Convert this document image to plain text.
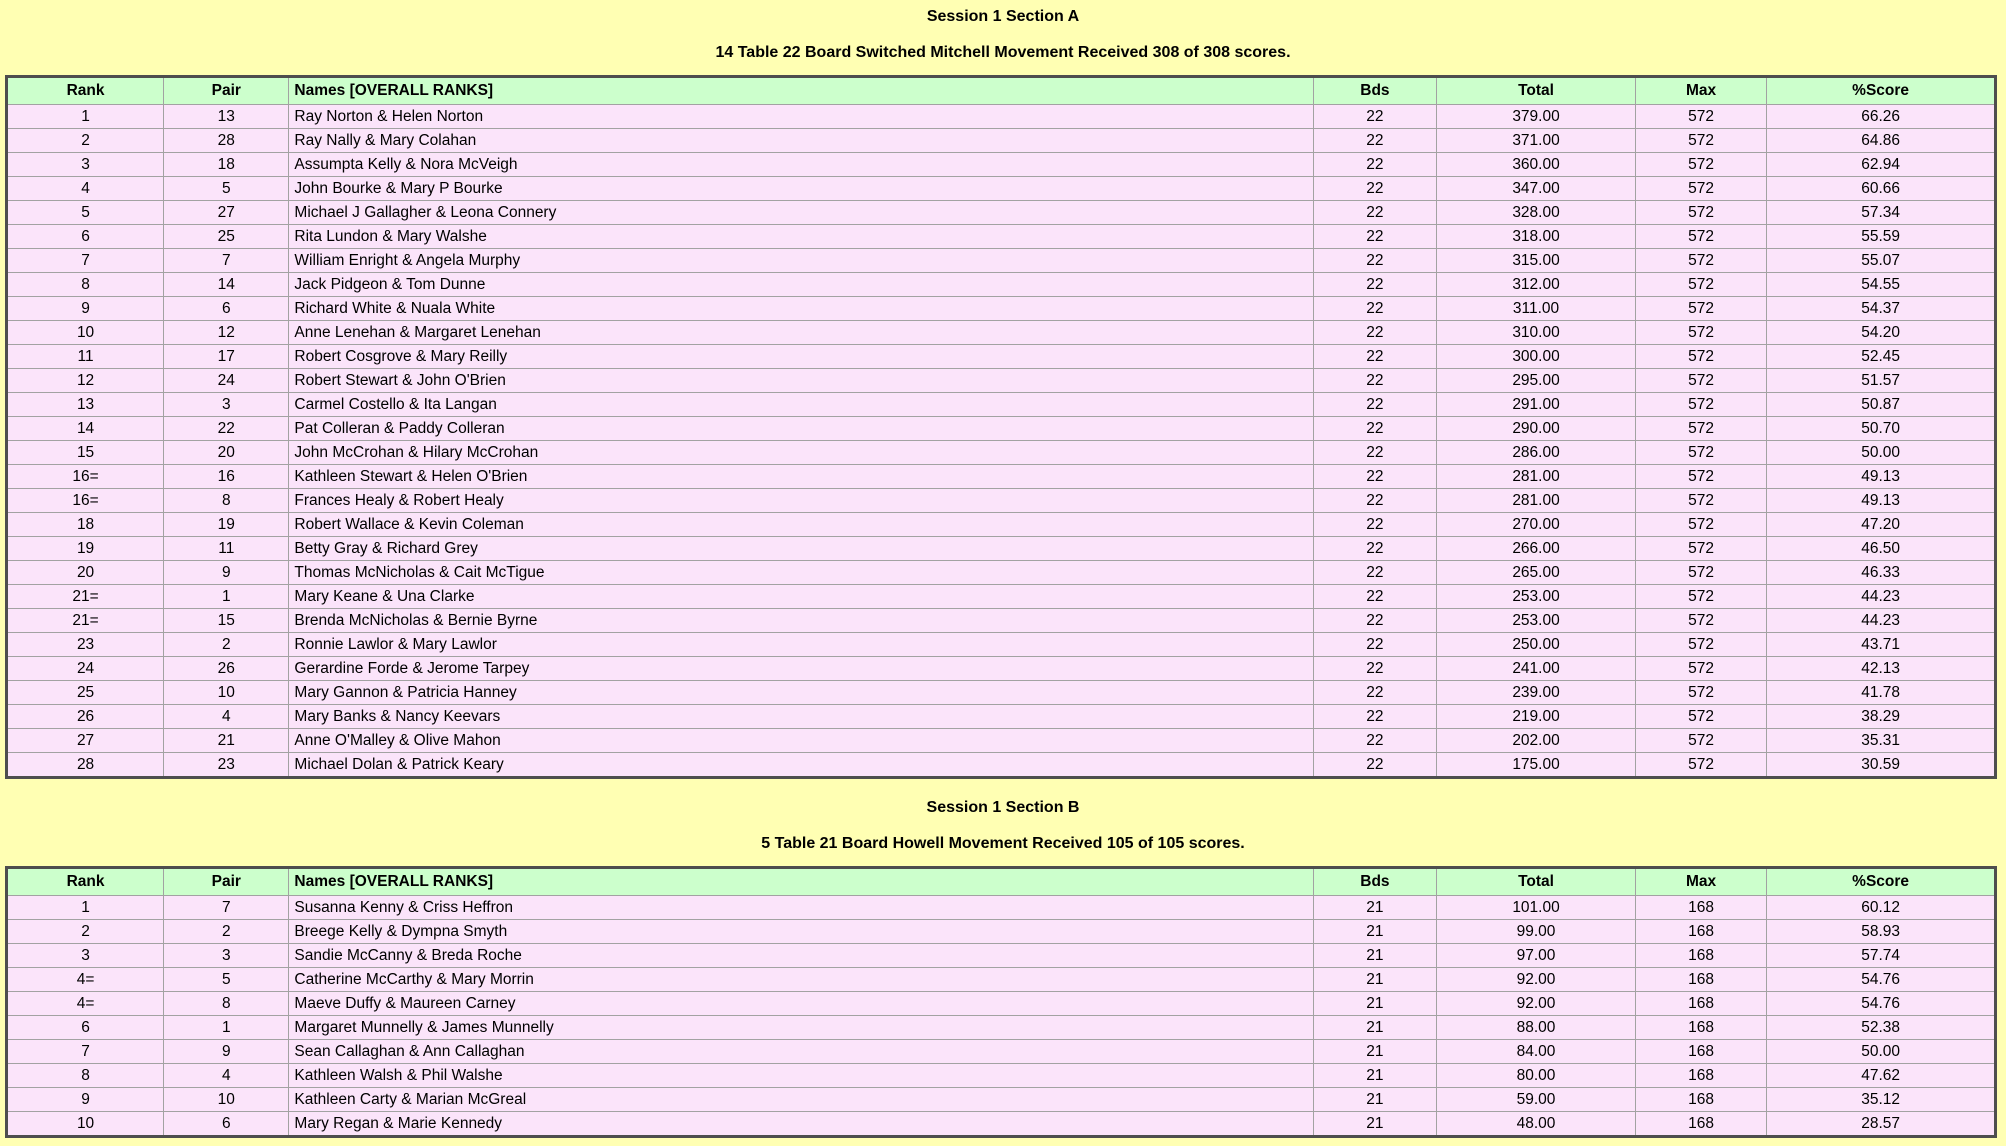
Session 1 Section A
14 Table 22 Board Switched Mitchell Movement Received 308 of 308 scores.
Rank	Pair	Names [OVERALL RANKS]	Bds	Total	Max	%Score
1	13	Ray Norton & Helen Norton	22	379.00	572	66.26
2	28	Ray Nally & Mary Colahan	22	371.00	572	64.86
3	18	Assumpta Kelly & Nora McVeigh	22	360.00	572	62.94
4	5	John Bourke & Mary P Bourke	22	347.00	572	60.66
5	27	Michael J Gallagher & Leona Connery	22	328.00	572	57.34
6	25	Rita Lundon & Mary Walshe	22	318.00	572	55.59
7	7	William Enright & Angela Murphy	22	315.00	572	55.07
8	14	Jack Pidgeon & Tom Dunne	22	312.00	572	54.55
9	6	Richard White & Nuala White	22	311.00	572	54.37
10	12	Anne Lenehan & Margaret Lenehan	22	310.00	572	54.20
11	17	Robert Cosgrove & Mary Reilly	22	300.00	572	52.45
12	24	Robert Stewart & John O'Brien	22	295.00	572	51.57
13	3	Carmel Costello & Ita Langan	22	291.00	572	50.87
14	22	Pat Colleran & Paddy Colleran	22	290.00	572	50.70
15	20	John McCrohan & Hilary McCrohan	22	286.00	572	50.00
16=	16	Kathleen Stewart & Helen O'Brien	22	281.00	572	49.13
16=	8	Frances Healy & Robert Healy	22	281.00	572	49.13
18	19	Robert Wallace & Kevin Coleman	22	270.00	572	47.20
19	11	Betty Gray & Richard Grey	22	266.00	572	46.50
20	9	Thomas McNicholas & Cait McTigue	22	265.00	572	46.33
21=	1	Mary Keane & Una Clarke	22	253.00	572	44.23
21=	15	Brenda McNicholas & Bernie Byrne	22	253.00	572	44.23
23	2	Ronnie Lawlor & Mary Lawlor	22	250.00	572	43.71
24	26	Gerardine Forde & Jerome Tarpey	22	241.00	572	42.13
25	10	Mary Gannon & Patricia Hanney	22	239.00	572	41.78
26	4	Mary Banks & Nancy Keevars	22	219.00	572	38.29
27	21	Anne O'Malley & Olive Mahon	22	202.00	572	35.31
28	23	Michael Dolan & Patrick Keary	22	175.00	572	30.59
Session 1 Section B
5 Table 21 Board Howell Movement Received 105 of 105 scores.
Rank	Pair	Names [OVERALL RANKS]	Bds	Total	Max	%Score
1	7	Susanna Kenny & Criss Heffron	21	101.00	168	60.12
2	2	Breege Kelly & Dympna Smyth	21	99.00	168	58.93
3	3	Sandie McCanny & Breda Roche	21	97.00	168	57.74
4=	5	Catherine McCarthy & Mary Morrin	21	92.00	168	54.76
4=	8	Maeve Duffy & Maureen Carney	21	92.00	168	54.76
6	1	Margaret Munnelly & James Munnelly	21	88.00	168	52.38
7	9	Sean Callaghan & Ann Callaghan	21	84.00	168	50.00
8	4	Kathleen Walsh & Phil Walshe	21	80.00	168	47.62
9	10	Kathleen Carty & Marian McGreal	21	59.00	168	35.12
10	6	Mary Regan & Marie Kennedy	21	48.00	168	28.57
